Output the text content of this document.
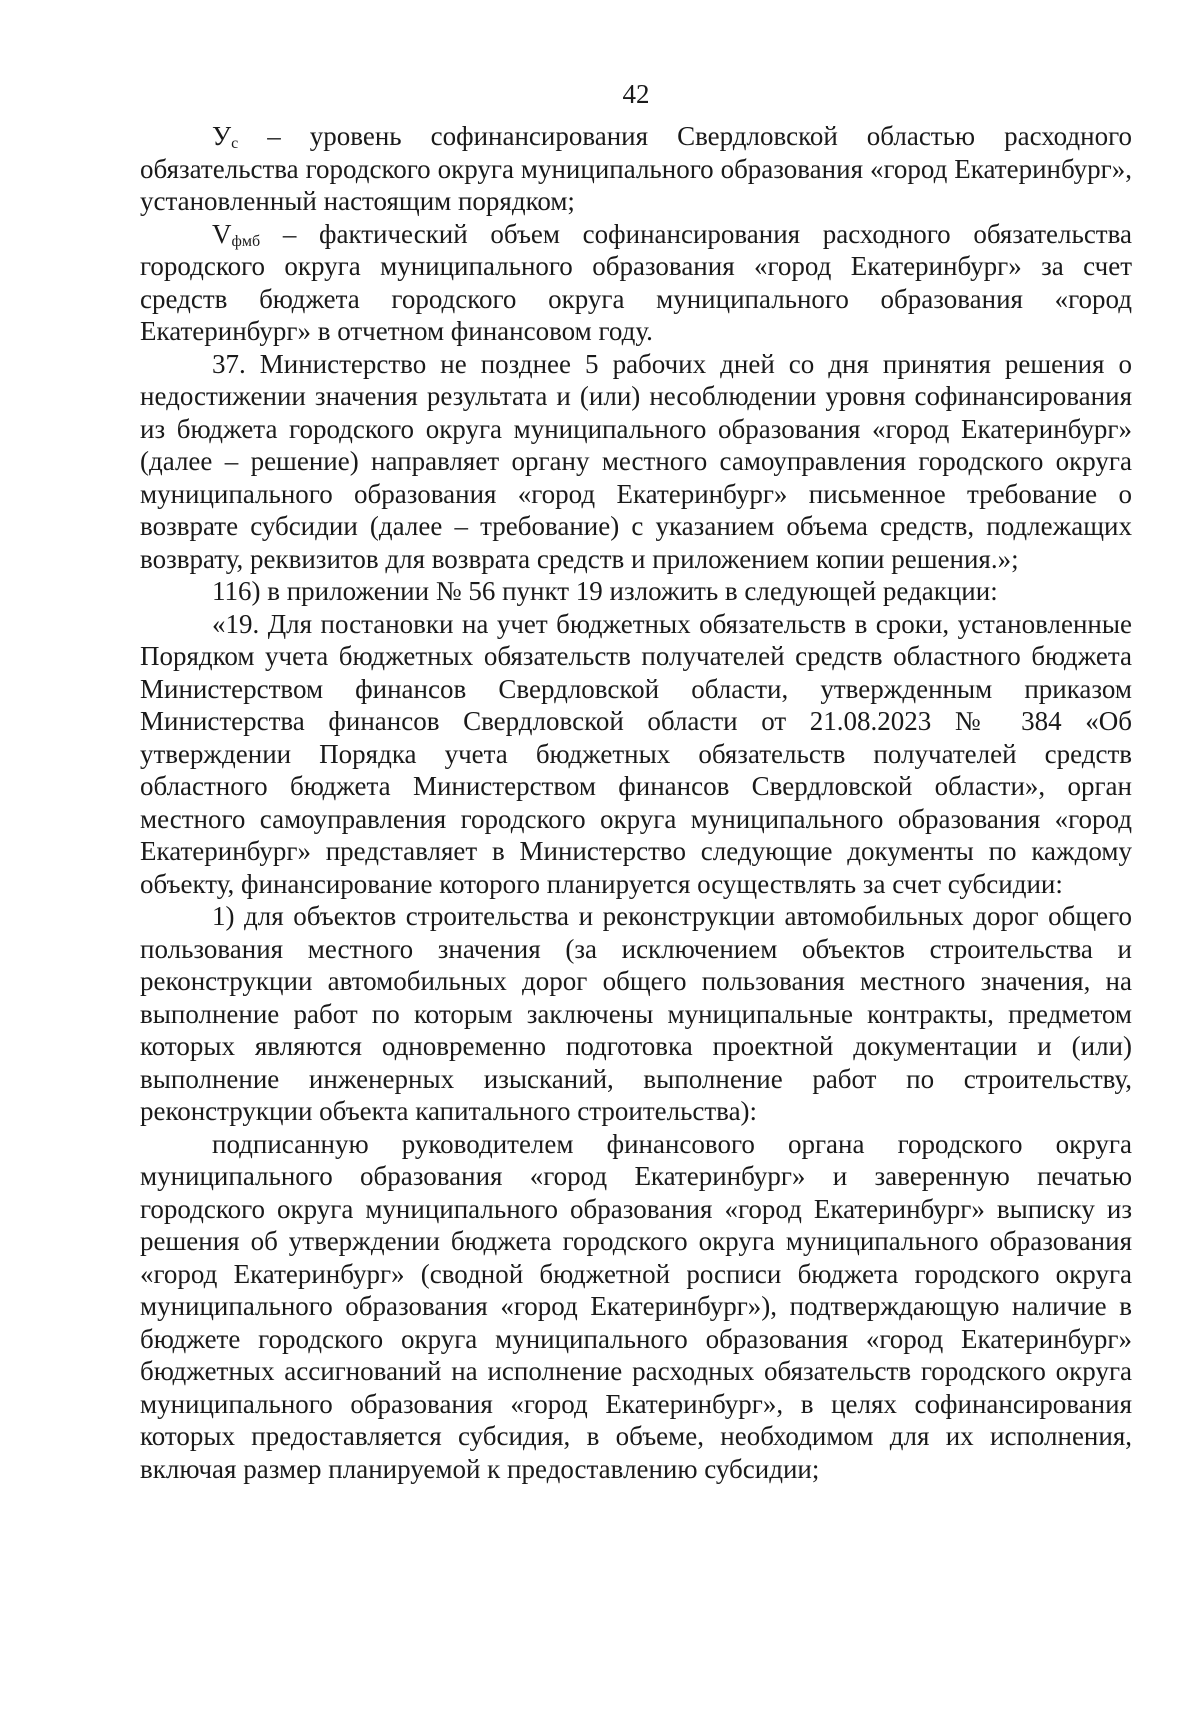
42

$У_с$ – уровень софинансирования Свердловской областью расходного обязательства городского округа муниципального образования «город Екатеринбург», установленный настоящим порядком;

$V_{фмб}$ – фактический объем софинансирования расходного обязательства городского округа муниципального образования «город Екатеринбург» за счет средств бюджета городского округа муниципального образования «город Екатеринбург» в отчетном финансовом году.

37. Министерство не позднее 5 рабочих дней со дня принятия решения о недостижении значения результата и (или) несоблюдении уровня софинансирования из бюджета городского округа муниципального образования «город Екатеринбург» (далее – решение) направляет органу местного самоуправления городского округа муниципального образования «город Екатеринбург» письменное требование о возврате субсидии (далее – требование) с указанием объема средств, подлежащих возврату, реквизитов для возврата средств и приложением копии решения.»;

116) в приложении № 56 пункт 19 изложить в следующей редакции:

«19. Для постановки на учет бюджетных обязательств в сроки, установленные Порядком учета бюджетных обязательств получателей средств областного бюджета Министерством финансов Свердловской области, утвержденным приказом Министерства финансов Свердловской области от 21.08.2023 № 384 «Об утверждении Порядка учета бюджетных обязательств получателей средств областного бюджета Министерством финансов Свердловской области», орган местного самоуправления городского округа муниципального образования «город Екатеринбург» представляет в Министерство следующие документы по каждому объекту, финансирование которого планируется осуществлять за счет субсидии:

1) для объектов строительства и реконструкции автомобильных дорог общего пользования местного значения (за исключением объектов строительства и реконструкции автомобильных дорог общего пользования местного значения, на выполнение работ по которым заключены муниципальные контракты, предметом которых являются одновременно подготовка проектной документации и (или) выполнение инженерных изысканий, выполнение работ по строительству, реконструкции объекта капитального строительства):

подписанную руководителем финансового органа городского округа муниципального образования «город Екатеринбург» и заверенную печатью городского округа муниципального образования «город Екатеринбург» выписку из решения об утверждении бюджета городского округа муниципального образования «город Екатеринбург» (сводной бюджетной росписи бюджета городского округа муниципального образования «город Екатеринбург»), подтверждающую наличие в бюджете городского округа муниципального образования «город Екатеринбург» бюджетных ассигнований на исполнение расходных обязательств городского округа муниципального образования «город Екатеринбург», в целях софинансирования которых предоставляется субсидия, в объеме, необходимом для их исполнения, включая размер планируемой к предоставлению субсидии;
